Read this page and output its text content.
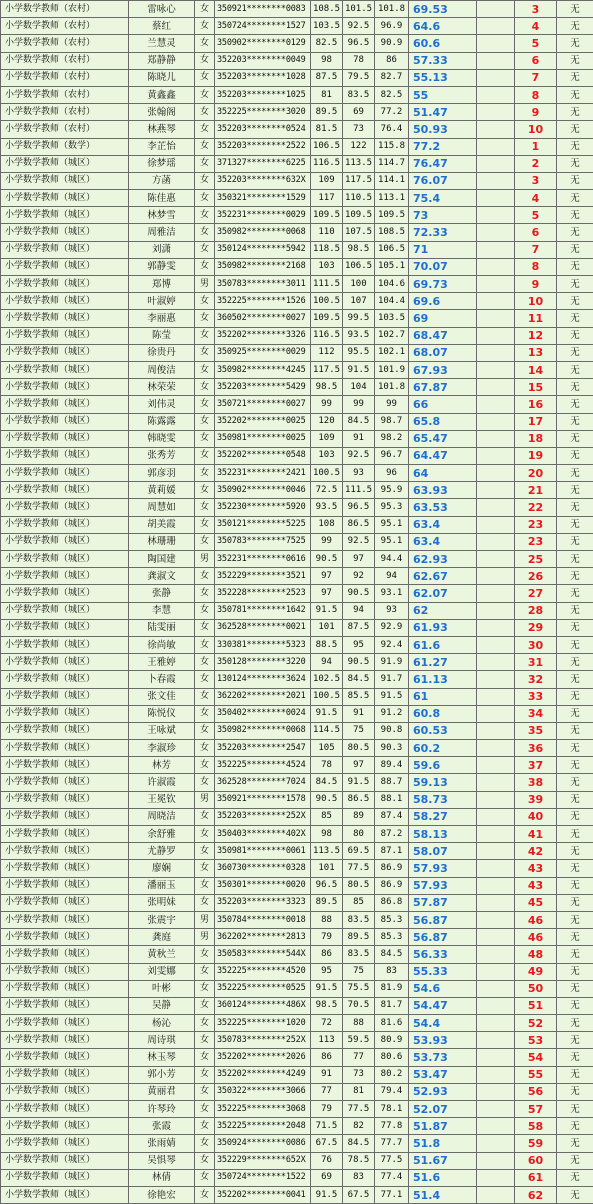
小学数学教师（农村）	雷咏心	女	350921********0083	108.5	101.5	101.8	69.53		3	无
小学数学教师（农村）	蔡红	女	350724********1527	103.5	92.5	96.9	64.6		4	无
小学数学教师（农村）	兰慧灵	女	350902********0129	82.5	96.5	90.9	60.6		5	无
小学数学教师（农村）	郑静静	女	352203********0049	98	78	86	57.33		6	无
小学数学教师（农村）	陈晓儿	女	352203********1028	87.5	79.5	82.7	55.13		7	无
小学数学教师（农村）	黄鑫鑫	女	352203********1025	81	83.5	82.5	55		8	无
小学数学教师（农村）	张翰阁	女	352225********3020	89.5	69	77.2	51.47		9	无
小学数学教师（农村）	林燕琴	女	352203********0524	81.5	73	76.4	50.93		10	无
小学数学教师（数学）	李芷怡	女	352203********2522	106.5	122	115.8	77.2		1	无
小学数学教师（城区）	徐梦瑶	女	371327********6225	116.5	113.5	114.7	76.47		2	无
小学数学教师（城区）	方菡	女	352203********632X	109	117.5	114.1	76.07		3	无
小学数学教师（城区）	陈佳惠	女	350321********1529	117	110.5	113.1	75.4		4	无
小学数学教师（城区）	林梦雪	女	352231********0029	109.5	109.5	109.5	73		5	无
小学数学教师（城区）	周雅洁	女	350982********0068	110	107.5	108.5	72.33		6	无
小学数学教师（城区）	刘潇	女	350124********5942	118.5	98.5	106.5	71		7	无
小学数学教师（城区）	郭静雯	女	350982********2168	103	106.5	105.1	70.07		8	无
小学数学教师（城区）	郑博	男	350783********3011	111.5	100	104.6	69.73		9	无
小学数学教师（城区）	叶淑婷	女	352225********1526	100.5	107	104.4	69.6		10	无
小学数学教师（城区）	李丽惠	女	360502********0027	109.5	99.5	103.5	69		11	无
小学数学教师（城区）	陈莹	女	352202********3326	116.5	93.5	102.7	68.47		12	无
小学数学教师（城区）	徐贵丹	女	350925********0029	112	95.5	102.1	68.07		13	无
小学数学教师（城区）	周俊洁	女	350982********4245	117.5	91.5	101.9	67.93		14	无
小学数学教师（城区）	林荣荣	女	352203********5429	98.5	104	101.8	67.87		15	无
小学数学教师（城区）	刘伟灵	女	350721********0027	99	99	99	66		16	无
小学数学教师（城区）	陈露露	女	352202********0025	120	84.5	98.7	65.8		17	无
小学数学教师（城区）	韩晓雯	女	350981********0025	109	91	98.2	65.47		18	无
小学数学教师（城区）	张秀芳	女	352202********0548	103	92.5	96.7	64.47		19	无
小学数学教师（城区）	郭彦羽	女	352231********2421	100.5	93	96	64		20	无
小学数学教师（城区）	黄莉媛	女	350902********0046	72.5	111.5	95.9	63.93		21	无
小学数学教师（城区）	周慧如	女	352230********5920	93.5	96.5	95.3	63.53		22	无
小学数学教师（城区）	胡美霞	女	350121********5225	108	86.5	95.1	63.4		23	无
小学数学教师（城区）	林珊珊	女	350783********7525	99	92.5	95.1	63.4		23	无
小学数学教师（城区）	陶国建	男	352231********0616	90.5	97	94.4	62.93		25	无
小学数学教师（城区）	龚淑文	女	352229********3521	97	92	94	62.67		26	无
小学数学教师（城区）	张静	女	352228********2523	97	90.5	93.1	62.07		27	无
小学数学教师（城区）	李慧	女	350781********1642	91.5	94	93	62		28	无
小学数学教师（城区）	陆雯丽	女	362528********0021	101	87.5	92.9	61.93		29	无
小学数学教师（城区）	徐尚敏	女	330381********5323	88.5	95	92.4	61.6		30	无
小学数学教师（城区）	王雅婷	女	350128********3220	94	90.5	91.9	61.27		31	无
小学数学教师（城区）	卜春霞	女	130124********3624	102.5	84.5	91.7	61.13		32	无
小学数学教师（城区）	张文佳	女	362202********2021	100.5	85.5	91.5	61		33	无
小学数学教师（城区）	陈悦仪	女	350402********0024	91.5	91	91.2	60.8		34	无
小学数学教师（城区）	王咏斌	女	350982********0068	114.5	75	90.8	60.53		35	无
小学数学教师（城区）	李淑珍	女	352203********2547	105	80.5	90.3	60.2		36	无
小学数学教师（城区）	林芳	女	352225********4524	78	97	89.4	59.6		37	无
小学数学教师（城区）	许淑霞	女	362528********7024	84.5	91.5	88.7	59.13		38	无
小学数学教师（城区）	王冕钦	男	350921********1578	90.5	86.5	88.1	58.73		39	无
小学数学教师（城区）	周晓洁	女	352203********252X	85	89	87.4	58.27		40	无
小学数学教师（城区）	余舒雅	女	350403********402X	98	80	87.2	58.13		41	无
小学数学教师（城区）	尤静罗	女	350981********0061	113.5	69.5	87.1	58.07		42	无
小学数学教师（城区）	廖娴	女	360730********0328	101	77.5	86.9	57.93		43	无
小学数学教师（城区）	潘丽玉	女	350301********0020	96.5	80.5	86.9	57.93		43	无
小学数学教师（城区）	张明妹	女	352203********3323	89.5	85	86.8	57.87		45	无
小学数学教师（城区）	张震宇	男	350784********0018	88	83.5	85.3	56.87		46	无
小学数学教师（城区）	龚庭	男	362202********2813	79	89.5	85.3	56.87		46	无
小学数学教师（城区）	黄秋兰	女	350583********544X	86	83.5	84.5	56.33		48	无
小学数学教师（城区）	刘雯娜	女	352225********4520	95	75	83	55.33		49	无
小学数学教师（城区）	叶彬	女	352225********0525	91.5	75.5	81.9	54.6		50	无
小学数学教师（城区）	吴静	女	360124********486X	98.5	70.5	81.7	54.47		51	无
小学数学教师（城区）	杨沁	女	352225********1020	72	88	81.6	54.4		52	无
小学数学教师（城区）	周诗琪	女	350783********252X	113	59.5	80.9	53.93		53	无
小学数学教师（城区）	林玉琴	女	352202********2026	86	77	80.6	53.73		54	无
小学数学教师（城区）	郭小芳	女	352202********4249	91	73	80.2	53.47		55	无
小学数学教师（城区）	黄丽君	女	350322********3066	77	81	79.4	52.93		56	无
小学数学教师（城区）	许琴玲	女	352225********3068	79	77.5	78.1	52.07		57	无
小学数学教师（城区）	张霞	女	352225********2048	71.5	82	77.8	51.87		58	无
小学数学教师（城区）	张雨婧	女	350924********0086	67.5	84.5	77.7	51.8		59	无
小学数学教师（城区）	吴惧琴	女	352229********652X	76	78.5	77.5	51.67		60	无
小学数学教师（城区）	林倩	女	350724********1522	69	83	77.4	51.6		61	无
小学数学教师（城区）	徐艳宏	女	352202********0041	91.5	67.5	77.1	51.4		62	无
